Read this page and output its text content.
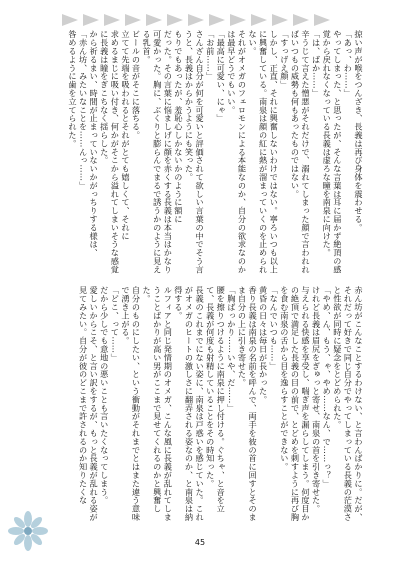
掠い声が喉をつんざき、長義は再び身体を震わせる。
「あっ、わ……」
やってしまった、と思ったが、そんな言葉は耳に届かず絶頂の感覚から戻れなくなっている長義は虚ろな瞳を南泉に向けた。
「は、ばか……」
辛うじて言えた憎悪がそれだけで、溺れてしまった顔で言われればいつもの威勢も何もあったものではない。
「すっげえ顔」
しかし、正直、それに興奮しないわけではない。寧ろいつも以上に興奮している。南泉は顔の紅に熱が溜まっていくのを止められない。
それがオメガのフェロモンによる本能なのか、自分の欲求なのかは最早どうでもいい。
「最高に可愛い、にゃ」
「お前……」
さんざん自分が何を可愛いと評価されて欲しい言葉の中でそう言うと、長義はからかうようにも笑った。
もりでもあったが、羞恥心しかないかのように額に
だった。その言葉に悩ましげに顔を赤くする長義は本当はかなり可愛かった。胸に、ぶくりと膨らんでまるで誘うかのように見える乳首。
ビールの音がそこに落ちる。
立てて先端を吸われるとそれがとても嬉しくて、それに
求めるまじに吸い付き、何かがそこから溢れてしまいそうな感覚に長義は瞳をぎこちなく揺らした。
から祈るまい、時間が止まっていないかがっちりする様は、
「赤ん坊、みたいなことを……んっ……」
咎めるように歯を立てられた。
赤ん坊がこんなことするわけない、と言わんばかりに。だが、それだって好きで同じ自分でやってしまっている長義の茫漠さと性欲が同時に疑念をとどめられた。
「やめ、ん、もう、ゃ、やめ……なん、で……っ？」
けれど長義は眉尻をぎゅっと寄せ、南泉の首を引き寄せた。
与えられる快感を享受し、喘ぎ声を漏らしてしまう。何度目かの絶頂で満足した長義の目の前で、とどめを刺すように再び胸を食む南泉の舌から目を逸らすことができない。
「なんでいつも……」
黄昏の日々は毎日が長かった。
香り長義は南泉の名前を呼んで、両手を彼の首に回すとそのまま自分の上に引き寄せた。
「胸ばっかり……いや、だ……」
腰を擦りつけるように南泉に押し付ける。ぐちゃ、と音を立て、長義が何度も射精していることをその時知った。
長義のこれまでにない姿に、南泉は戸惑いを感じていた。これがオメガのヒートの激しさに翻弄される姿なのか、と南泉は納得する。
ルフィアと同じ発情期のオメガ、こんな風に長義が乱れてしまうことばかりが高い男がここまで見せてくれるのかと興奮した。
自分のものにしたい、という衝動がそれまでとはまた違う意味で湧き上がる。
「どこ、って……」
だから少しでも意地の悪いことも言いたくなってしまう。
愛しいからこそ、と言い訳をするが、もっと長義が乱れる姿が見てみたい。自分が彼のどこまで許されるのか知りたくな
45
